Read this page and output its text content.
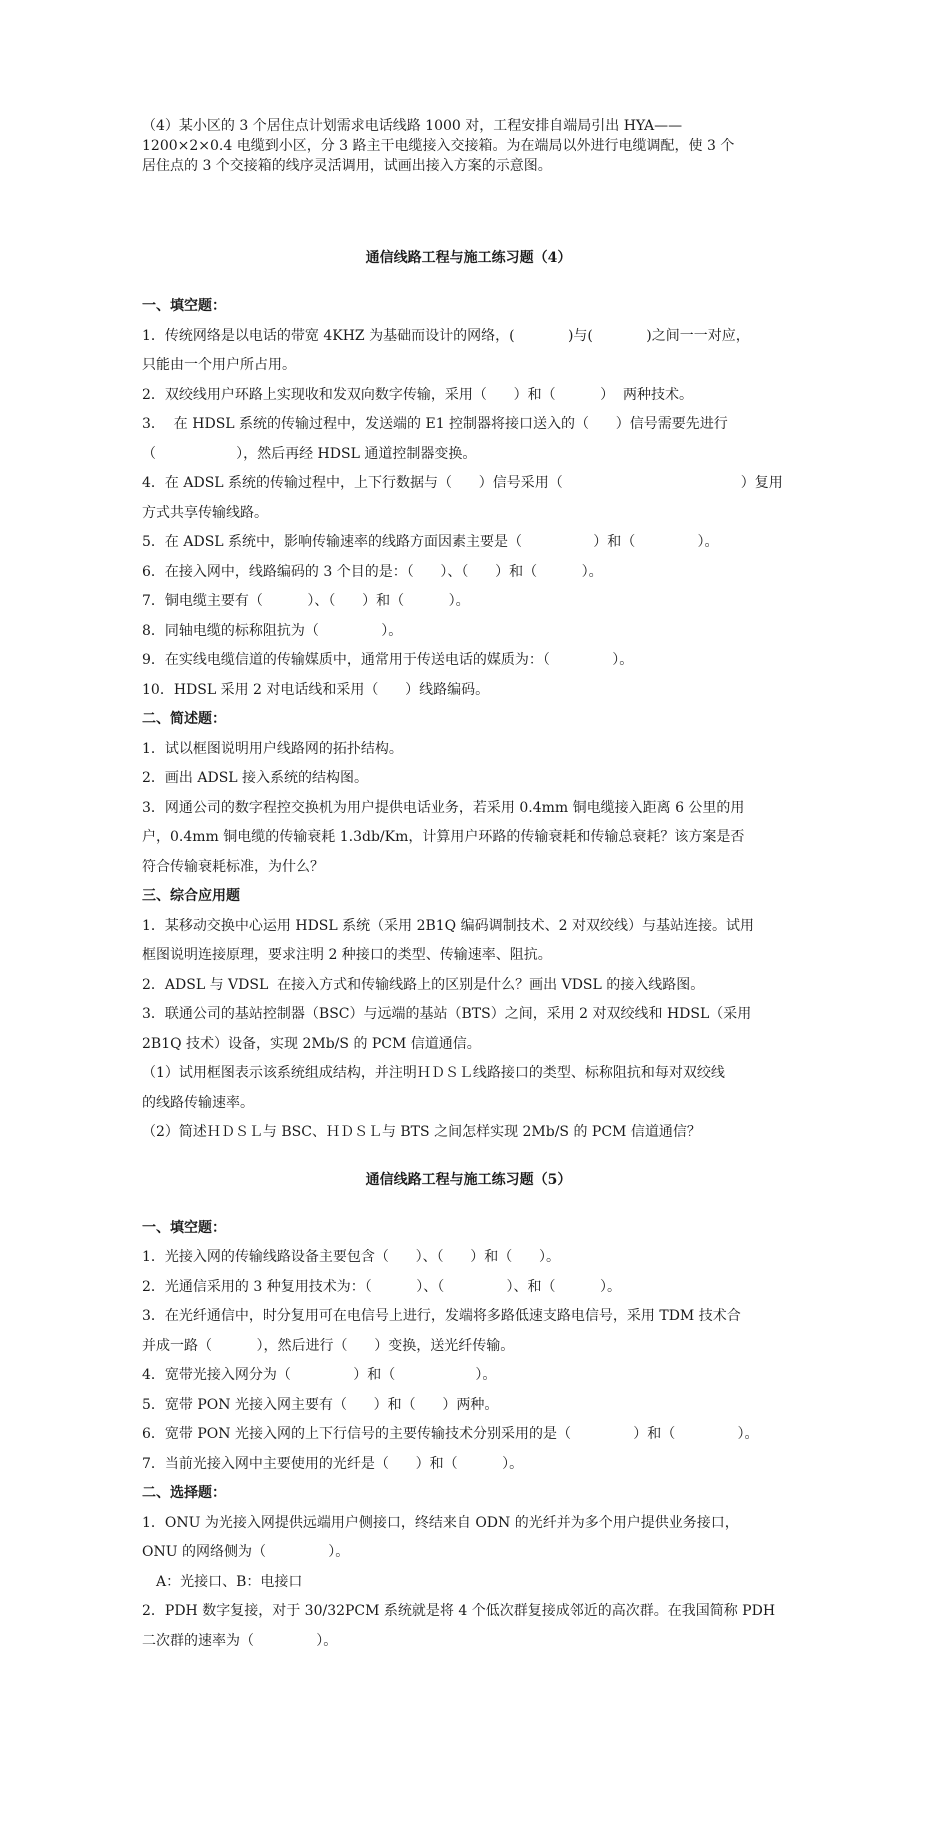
（4）某小区的 3 个居住点计划需求电话线路 1000 对，工程安排自端局引出 HYA——

1200×2×0.4 电缆到小区，分 3 路主干电缆接入交接箱。为在端局以外进行电缆调配，使 3 个

居住点的 3 个交接箱的线序灵活调用，试画出接入方案的示意图。

通信线路工程与施工练习题（4）

一、填空题：

1．传统网络是以电话的带宽 4KHZ 为基础而设计的网络，(            )与(            )之间一一对应，

只能由一个用户所占用。

2．双绞线用户环路上实现收和发双向数字传输，采用（      ）和（          ）  两种技术。

3．  在 HDSL 系统的传输过程中，发送端的 E1 控制器将接口送入的（      ）信号需要先进行

（                  ），然后再经 HDSL 通道控制器变换。

4．在 ADSL 系统的传输过程中，上下行数据与（      ）信号采用（                                        ）复用

方式共享传输线路。

5．在 ADSL 系统中，影响传输速率的线路方面因素主要是（                ）和（              ）。

6．在接入网中，线路编码的 3 个目的是：（      ）、（      ）和（          ）。

7．铜电缆主要有（          ）、（      ）和（          ）。

8．同轴电缆的标称阻抗为（              ）。

9．在实线电缆信道的传输媒质中，通常用于传送电话的媒质为：（              ）。

10．HDSL 采用 2 对电话线和采用（      ）线路编码。

二、简述题：

1．试以框图说明用户线路网的拓扑结构。

2．画出 ADSL 接入系统的结构图。

3．网通公司的数字程控交换机为用户提供电话业务，若采用 0.4mm 铜电缆接入距离 6 公里的用

户，0.4mm 铜电缆的传输衰耗 1.3db/Km，计算用户环路的传输衰耗和传输总衰耗？该方案是否

符合传输衰耗标准，为什么？

三、综合应用题

1．某移动交换中心运用 HDSL 系统（采用 2B1Q 编码调制技术、2 对双绞线）与基站连接。试用

框图说明连接原理，要求注明 2 种接口的类型、传输速率、阻抗。

2．ADSL 与 VDSL  在接入方式和传输线路上的区别是什么？画出 VDSL 的接入线路图。

3．联通公司的基站控制器（BSC）与远端的基站（BTS）之间，采用 2 对双绞线和 HDSL（采用

2B1Q 技术）设备，实现 2Mb/S 的 PCM 信道通信。

（1）试用框图表示该系统组成结构，并注明ＨＤＳＬ线路接口的类型、标称阻抗和每对双绞线

的线路传输速率。

（2）简述ＨＤＳＬ与 BSC、ＨＤＳＬ与 BTS 之间怎样实现 2Mb/S 的 PCM 信道通信？

通信线路工程与施工练习题（5）

一、填空题：

1．光接入网的传输线路设备主要包含（      ）、（      ）和（      ）。

2．光通信采用的 3 种复用技术为：（          ）、（              ）、和（          ）。

3．在光纤通信中，时分复用可在电信号上进行，发端将多路低速支路电信号，采用 TDM 技术合

并成一路（          ），然后进行（      ）变换，送光纤传输。

4．宽带光接入网分为（              ）和（                  ）。

5．宽带 PON 光接入网主要有（      ）和（      ）两种。

6．宽带 PON 光接入网的上下行信号的主要传输技术分别采用的是（              ）和（              ）。

7．当前光接入网中主要使用的光纤是（      ）和（          ）。

二、选择题：

1．ONU 为光接入网提供远端用户侧接口，终结来自 ODN 的光纤并为多个用户提供业务接口，

ONU 的网络侧为（              ）。

A：光接口、B：电接口

2．PDH 数字复接，对于 30/32PCM 系统就是将 4 个低次群复接成邻近的高次群。在我国简称 PDH

二次群的速率为（              ）。
